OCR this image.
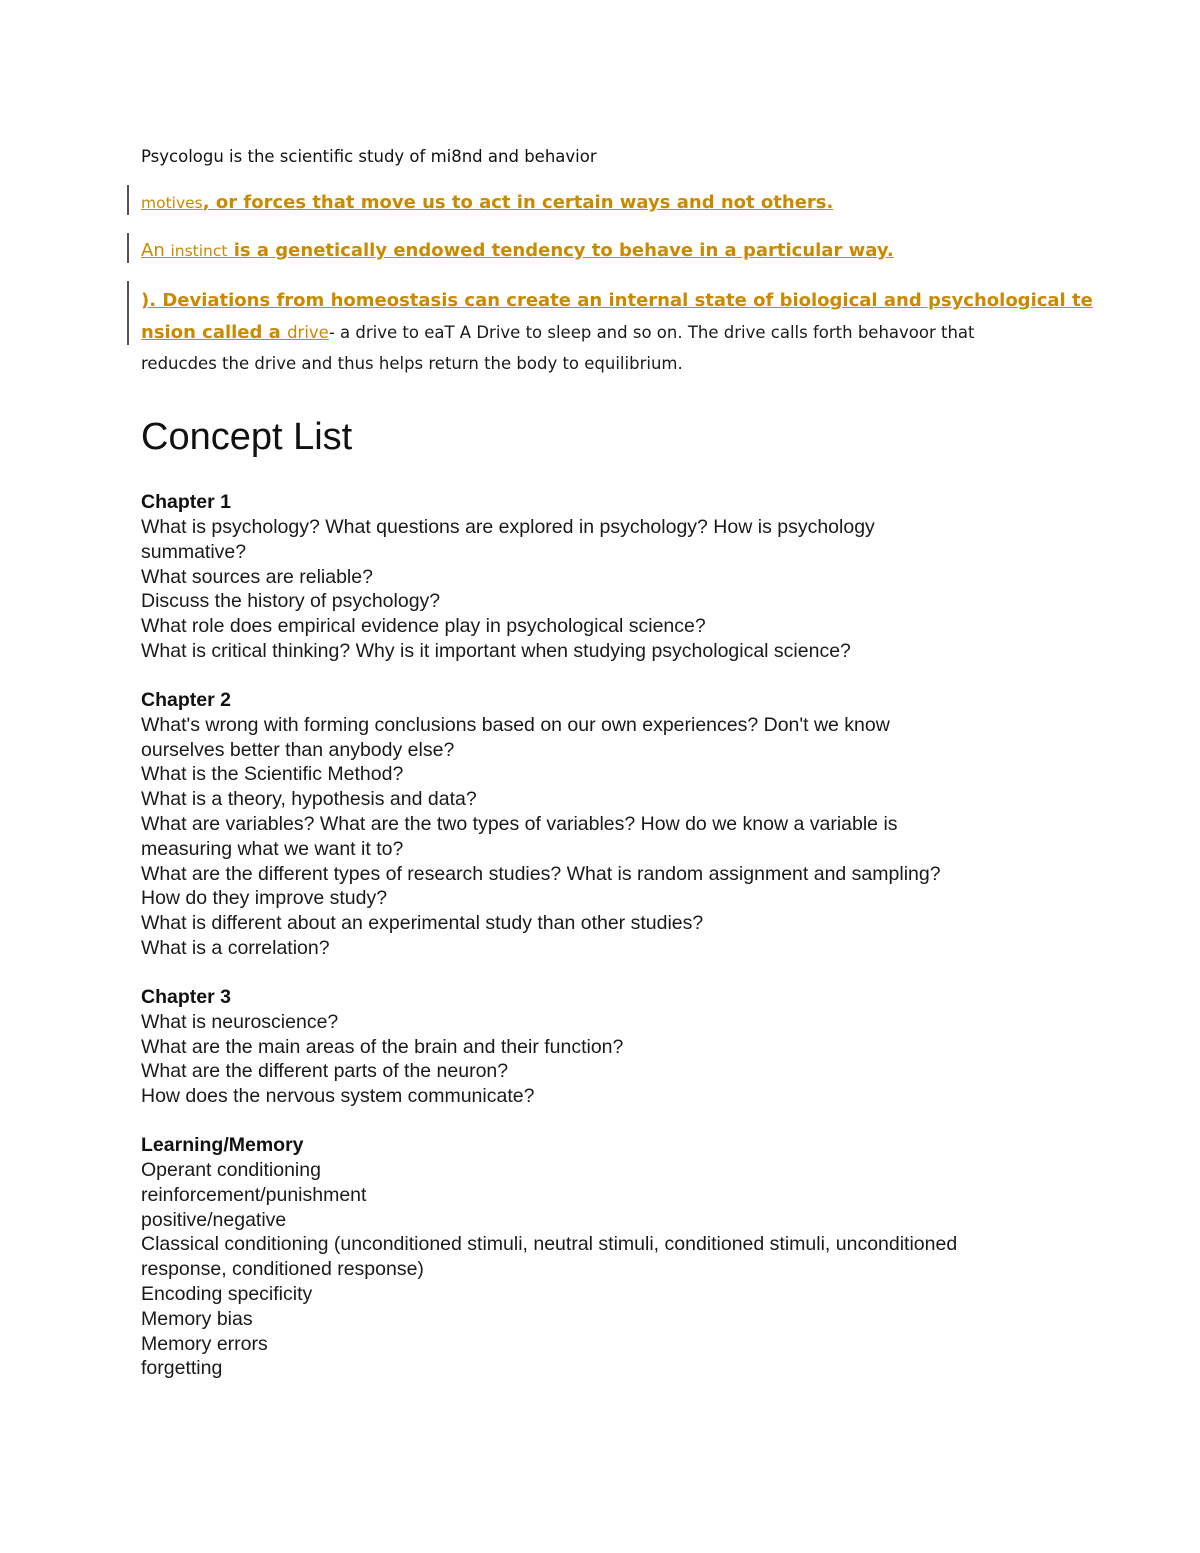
Psycologu is the scientific study of mi8nd and behavior

motives, or forces that move us to act in certain ways and not others.

An instinct is a genetically endowed tendency to behave in a particular way.

). Deviations from homeostasis can create an internal state of biological and psychological te

nsion called a drive- a drive to eaT A Drive to sleep and so on. The drive calls forth behavoor that

reducdes the drive and thus helps return the body to equilibrium.

Concept List

Chapter 1

What is psychology? What questions are explored in psychology? How is psychology

summative?

What sources are reliable?

Discuss the history of psychology?

What role does empirical evidence play in psychological science?

What is critical thinking? Why is it important when studying psychological science?

Chapter 2

What's wrong with forming conclusions based on our own experiences? Don't we know

ourselves better than anybody else?

What is the Scientific Method?

What is a theory, hypothesis and data?

What are variables? What are the two types of variables? How do we know a variable is

measuring what we want it to?

What are the different types of research studies? What is random assignment and sampling?

How do they improve study?

What is different about an experimental study than other studies?

What is a correlation?

Chapter 3

What is neuroscience?

What are the main areas of the brain and their function?

What are the different parts of the neuron?

How does the nervous system communicate?

Learning/Memory

Operant conditioning

reinforcement/punishment

positive/negative

Classical conditioning (unconditioned stimuli, neutral stimuli, conditioned stimuli, unconditioned

response, conditioned response)

Encoding specificity

Memory bias

Memory errors

forgetting
